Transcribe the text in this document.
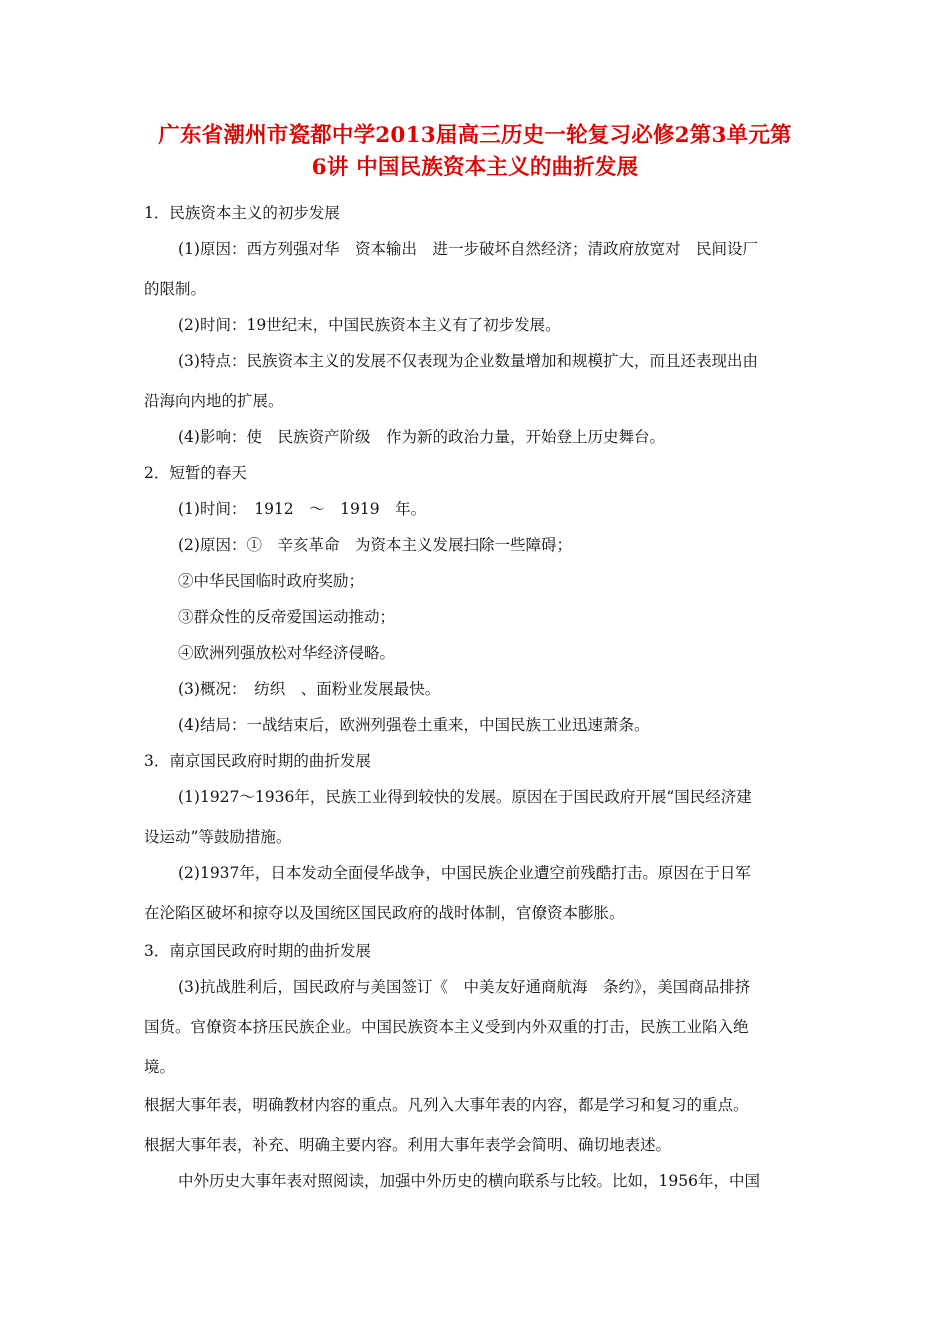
广东省潮州市瓷都中学2013届高三历史一轮复习必修2第3单元第
6讲 中国民族资本主义的曲折发展
1．民族资本主义的初步发展
(1)原因：西方列强对华　资本输出　进一步破坏自然经济；清政府放宽对　民间设厂
的限制。
(2)时间：19世纪末，中国民族资本主义有了初步发展。
(3)特点：民族资本主义的发展不仅表现为企业数量增加和规模扩大，而且还表现出由
沿海向内地的扩展。
(4)影响：使　民族资产阶级　作为新的政治力量，开始登上历史舞台。
2．短暂的春天
(1)时间：　1912　～　1919　年。
(2)原因：①　辛亥革命　为资本主义发展扫除一些障碍；
②中华民国临时政府奖励；
③群众性的反帝爱国运动推动；
④欧洲列强放松对华经济侵略。
(3)概况：　纺织　、面粉业发展最快。
(4)结局：一战结束后，欧洲列强卷土重来，中国民族工业迅速萧条。
3．南京国民政府时期的曲折发展
(1)1927～1936年，民族工业得到较快的发展。原因在于国民政府开展“国民经济建
设运动”等鼓励措施。
(2)1937年，日本发动全面侵华战争，中国民族企业遭空前残酷打击。原因在于日军
在沦陷区破坏和掠夺以及国统区国民政府的战时体制，官僚资本膨胀。
3．南京国民政府时期的曲折发展
(3)抗战胜利后，国民政府与美国签订《　中美友好通商航海　条约》，美国商品排挤
国货。官僚资本挤压民族企业。中国民族资本主义受到内外双重的打击，民族工业陷入绝
境。
根据大事年表，明确教材内容的重点。凡列入大事年表的内容，都是学习和复习的重点。
根据大事年表，补充、明确主要内容。利用大事年表学会简明、确切地表述。
中外历史大事年表对照阅读，加强中外历史的横向联系与比较。比如，1956年，中国
